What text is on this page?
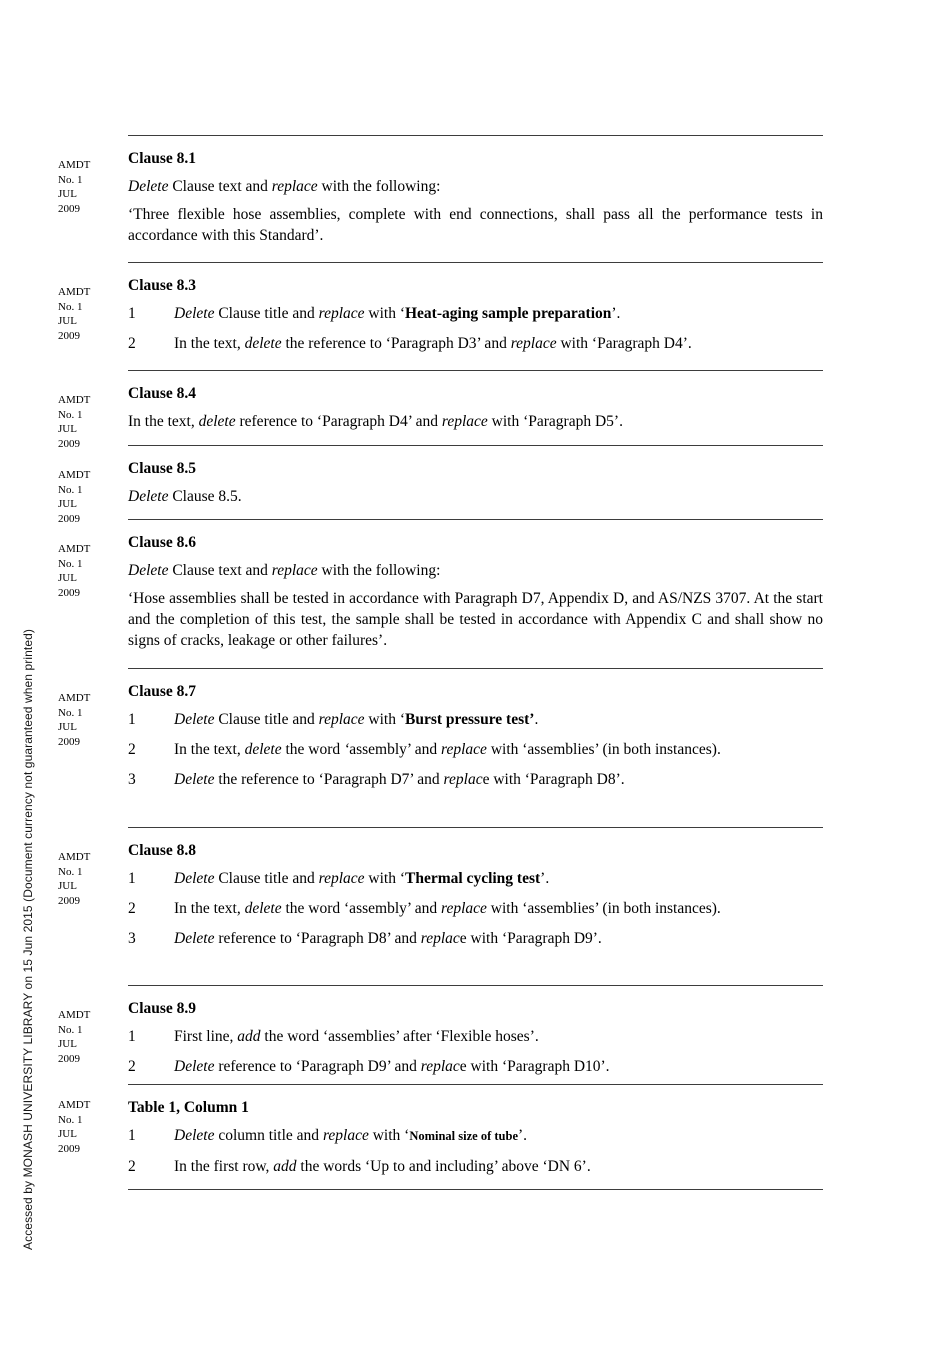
Accessed by MONASH UNIVERSITY LIBRARY on 15 Jun 2015 (Document currency not guaranteed when printed)
AMDT
No. 1
JUL
2009
Clause 8.1
Delete Clause text and replace with the following:
‘Three flexible hose assemblies, complete with end connections, shall pass all the performance tests in accordance with this Standard’.
AMDT
No. 1
JUL
2009
Clause 8.3
1 Delete Clause title and replace with ‘Heat-aging sample preparation’.
2 In the text, delete the reference to ‘Paragraph D3’ and replace with ‘Paragraph D4’.
AMDT
No. 1
JUL
2009
Clause 8.4
In the text, delete reference to ‘Paragraph D4’ and replace with ‘Paragraph D5’.
AMDT
No. 1
JUL
2009
Clause 8.5
Delete Clause 8.5.
AMDT
No. 1
JUL
2009
Clause 8.6
Delete Clause text and replace with the following:
‘Hose assemblies shall be tested in accordance with Paragraph D7, Appendix D, and AS/NZS 3707. At the start and the completion of this test, the sample shall be tested in accordance with Appendix C and shall show no signs of cracks, leakage or other failures’.
AMDT
No. 1
JUL
2009
Clause 8.7
1 Delete Clause title and replace with ‘Burst pressure test’.
2 In the text, delete the word ‘assembly’ and replace with ‘assemblies’ (in both instances).
3 Delete the reference to ‘Paragraph D7’ and replace with ‘Paragraph D8’.
AMDT
No. 1
JUL
2009
Clause 8.8
1 Delete Clause title and replace with ‘Thermal cycling test’.
2 In the text, delete the word ‘assembly’ and replace with ‘assemblies’ (in both instances).
3 Delete reference to ‘Paragraph D8’ and replace with ‘Paragraph D9’.
AMDT
No. 1
JUL
2009
Clause 8.9
1 First line, add the word ‘assemblies’ after ‘Flexible hoses’.
2 Delete reference to ‘Paragraph D9’ and replace with ‘Paragraph D10’.
AMDT
No. 1
JUL
2009
Table 1, Column 1
1 Delete column title and replace with ‘Nominal size of tube’.
2 In the first row, add the words ‘Up to and including’ above ‘DN 6’.
